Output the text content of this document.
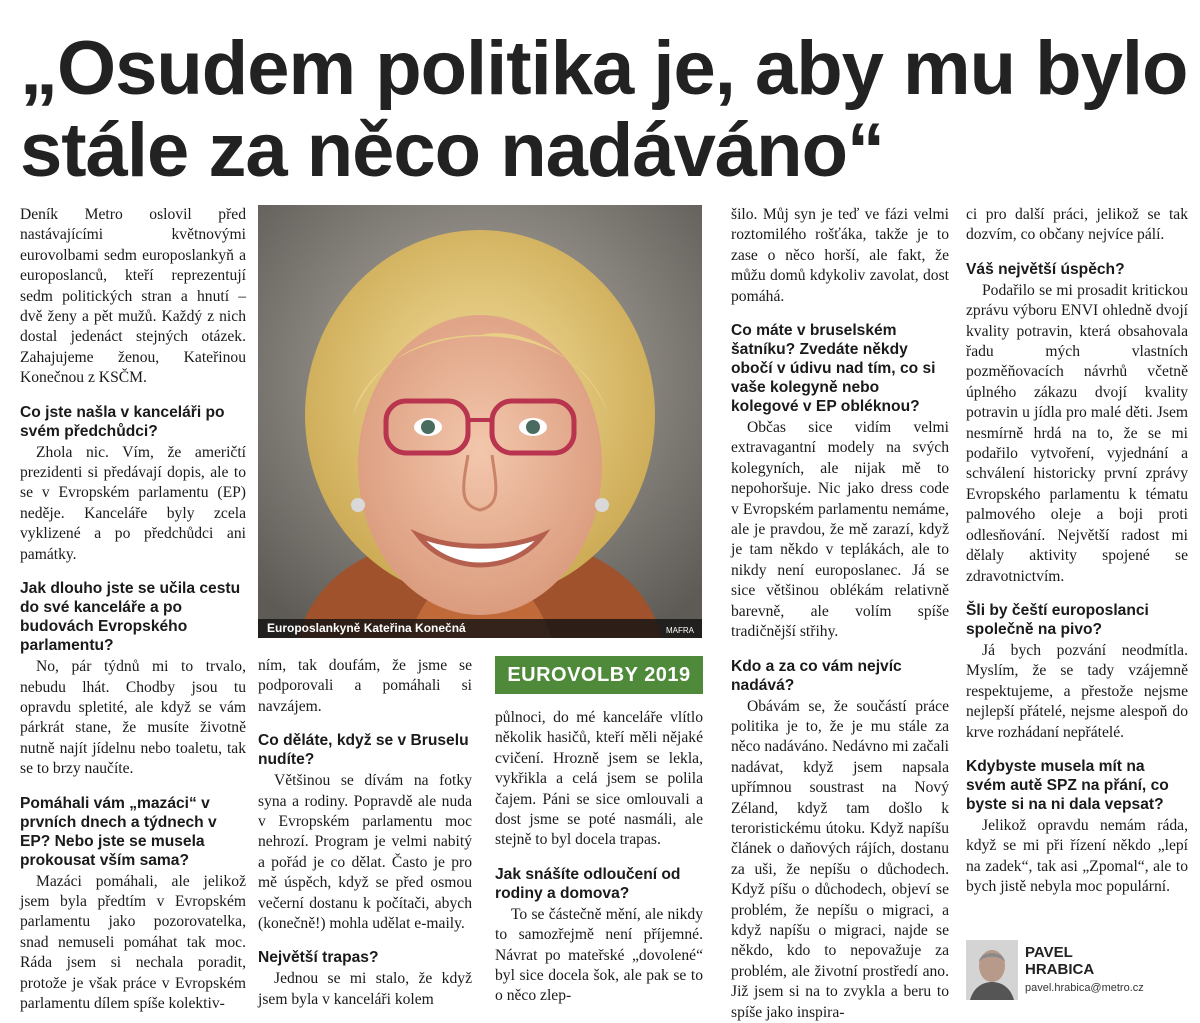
„Osudem politika je, aby mu bylo stále za něco nadáváno“

Deník Metro oslovil před nastávajícími květnovými eurovolbami sedm europoslankyň a europoslanců, kteří reprezentují sedm politických stran a hnutí – dvě ženy a pět mužů. Každý z nich dostal jedenáct stejných otázek. Zahajujeme ženou, Kateřinou Konečnou z KSČM.

Co jste našla v kanceláři po svém předchůdci?

Zhola nic. Vím, že američtí prezidenti si předávají dopis, ale to se v Evropském parlamentu (EP) neděje. Kanceláře byly zcela vyklizené a po předchůdci ani památky.

Jak dlouho jste se učila cestu do své kanceláře a po budovách Evropského parlamentu?

No, pár týdnů mi to trvalo, nebudu lhát. Chodby jsou tu opravdu spletité, ale když se vám párkrát stane, že musíte životně nutně najít jídelnu nebo toaletu, tak se to brzy naučíte.

Pomáhali vám „mazáci“ v prvních dnech a týdnech v EP? Nebo jste se musela prokousat vším sama?

Mazáci pomáhali, ale jelikož jsem byla předtím v Evropském parlamentu jako pozorovatelka, snad nemuseli pomáhat tak moc. Ráda jsem si nechala poradit, protože je však práce v Evropském parlamentu dílem spíše kolektiv-

Europoslankyně Kateřina Konečná	MAFRA

ním, tak doufám, že jsme se podporovali a pomáhali si navzájem.

Co děláte, když se v Bruselu nudíte?

Většinou se dívám na fotky syna a rodiny. Popravdě ale nuda v Evropském parlamentu moc nehrozí. Program je velmi nabitý a pořád je co dělat. Často je pro mě úspěch, když se před osmou večerní dostanu k počítači, abych (konečně!) mohla udělat e-maily.

Největší trapas?

Jednou se mi stalo, že když jsem byla v kanceláři kolem

EUROVOLBY 2019

půlnoci, do mé kanceláře vlítlo několik hasičů, kteří měli nějaké cvičení. Hrozně jsem se lekla, vykřikla a celá jsem se polila čajem. Páni se sice omlouvali a dost jsme se poté nasmáli, ale stejně to byl docela trapas.

Jak snášíte odloučení od rodiny a domova?

To se částečně mění, ale nikdy to samozřejmě není příjemné. Návrat po mateřské „dovolené“ byl sice docela šok, ale pak se to o něco zlep-

šilo. Můj syn je teď ve fázi velmi roztomilého rošťáka, takže je to zase o něco horší, ale fakt, že můžu domů kdykoliv zavolat, dost pomáhá.

Co máte v bruselském šatníku? Zvedáte někdy obočí v údivu nad tím, co si vaše kolegyně nebo kolegové v EP obléknou?

Občas sice vidím velmi extravagantní modely na svých kolegyních, ale nijak mě to nepohoršuje. Nic jako dress code v Evropském parlamentu nemáme, ale je pravdou, že mě zarazí, když je tam někdo v teplákách, ale to nikdy není europoslanec. Já se sice většinou oblékám relativně barevně, ale volím spíše tradičnější střihy.

Kdo a za co vám nejvíc nadává?

Obávám se, že součástí práce politika je to, že je mu stále za něco nadáváno. Nedávno mi začali nadávat, když jsem napsala upřímnou soustrast na Nový Zéland, když tam došlo k teroristickému útoku. Když napíšu článek o daňových rájích, dostanu za uši, že nepíšu o důchodech. Když píšu o důchodech, objeví se problém, že nepíšu o migraci, a když napíšu o migraci, najde se někdo, kdo to nepovažuje za problém, ale životní prostředí ano. Již jsem si na to zvykla a beru to spíše jako inspira-

ci pro další práci, jelikož se tak dozvím, co občany nejvíce pálí.

Váš největší úspěch?

Podařilo se mi prosadit kritickou zprávu výboru ENVI ohledně dvojí kvality potravin, která obsahovala řadu mých vlastních pozměňovacích návrhů včetně úplného zákazu dvojí kvality potravin u jídla pro malé děti. Jsem nesmírně hrdá na to, že se mi podařilo vytvoření, vyjednání a schválení historicky první zprávy Evropského parlamentu k tématu palmového oleje a boji proti odlesňování. Největší radost mi dělaly aktivity spojené se zdravotnictvím.

Šli by čeští europoslanci společně na pivo?

Já bych pozvání neodmítla. Myslím, že se tady vzájemně respektujeme, a přestože nejsme nejlepší přátelé, nejsme alespoň do krve rozhádaní nepřátelé.

Kdybyste musela mít na svém autě SPZ na přání, co byste si na ni dala vepsat?

Jelikož opravdu nemám ráda, když se mi při řízení někdo „lepí na zadek“, tak asi „Zpomal“, ale to bych jistě nebyla moc populární.

PAVEL
HRABICA
pavel.hrabica@metro.cz
